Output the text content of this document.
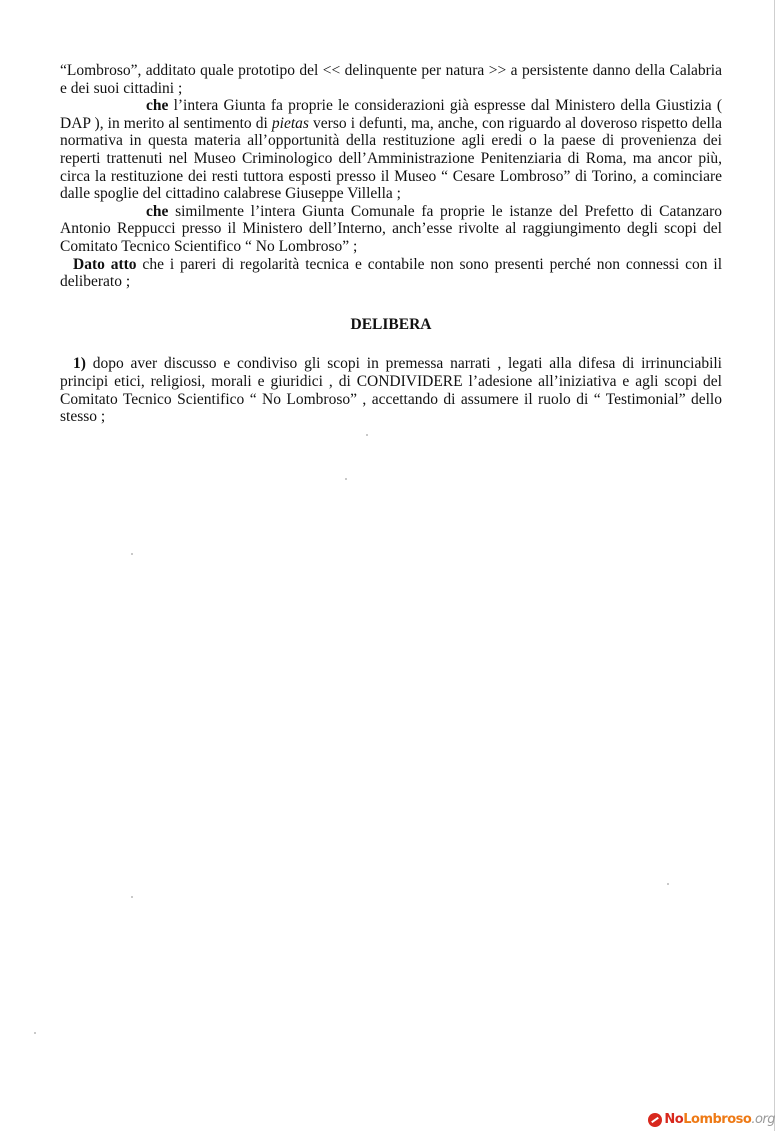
“Lombroso”, additato quale prototipo del << delinquente per natura >> a persistente danno della Calabria e dei suoi cittadini ;

che l’intera Giunta fa proprie le considerazioni già espresse dal Ministero della Giustizia ( DAP ), in merito al sentimento di pietas verso i defunti, ma, anche, con riguardo al doveroso rispetto della normativa in questa materia all’opportunità della restituzione agli eredi o la paese di provenienza dei reperti trattenuti nel Museo Criminologico dell’Amministrazione Penitenziaria di Roma, ma ancor più, circa la restituzione dei resti tuttora esposti presso il Museo “ Cesare Lombroso” di Torino, a cominciare dalle spoglie del cittadino calabrese Giuseppe Villella ;

che similmente l’intera Giunta Comunale fa proprie le istanze del Prefetto di Catanzaro Antonio Reppucci presso il Ministero dell’Interno, anch’esse rivolte al raggiungimento degli scopi del Comitato Tecnico Scientifico “ No Lombroso” ;

Dato atto che i pareri di regolarità tecnica e contabile non sono presenti perché non connessi con il deliberato ;

DELIBERA

1) dopo aver discusso e condiviso gli scopi in premessa narrati , legati alla difesa di irrinunciabili principi etici, religiosi, morali e giuridici , di CONDIVIDERE l’adesione all’iniziativa e agli scopi del Comitato Tecnico Scientifico “ No Lombroso” , accettando di assumere il ruolo di “ Testimonial” dello stesso ;

No Lombroso .org
